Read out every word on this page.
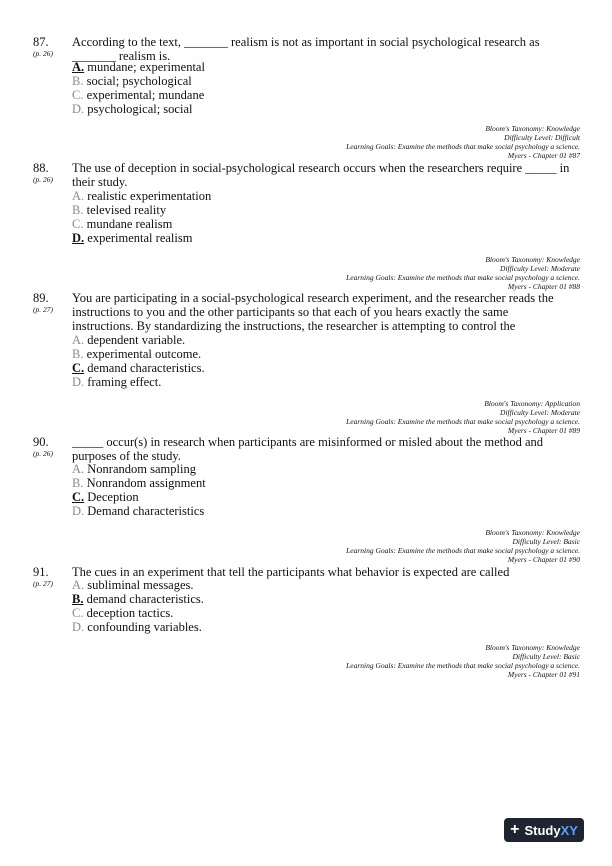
87.
(p. 26)
According to the text, _______ realism is not as important in social psychological research as _______ realism is.
A. mundane; experimental
B. social; psychological
C. experimental; mundane
D. psychological; social
Bloom's Taxonomy: Knowledge
Difficulty Level: Difficult
Learning Goals: Examine the methods that make social psychology a science.
Myers - Chapter 01 #87
88.
(p. 26)
The use of deception in social-psychological research occurs when the researchers require _____ in their study.
A. realistic experimentation
B. televised reality
C. mundane realism
D. experimental realism
Bloom's Taxonomy: Knowledge
Difficulty Level: Moderate
Learning Goals: Examine the methods that make social psychology a science.
Myers - Chapter 01 #88
89.
(p. 27)
You are participating in a social-psychological research experiment, and the researcher reads the instructions to you and the other participants so that each of you hears exactly the same instructions. By standardizing the instructions, the researcher is attempting to control the
A. dependent variable.
B. experimental outcome.
C. demand characteristics.
D. framing effect.
Bloom's Taxonomy: Application
Difficulty Level: Moderate
Learning Goals: Examine the methods that make social psychology a science.
Myers - Chapter 01 #89
90.
(p. 26)
_____ occur(s) in research when participants are misinformed or misled about the method and purposes of the study.
A. Nonrandom sampling
B. Nonrandom assignment
C. Deception
D. Demand characteristics
Bloom's Taxonomy: Knowledge
Difficulty Level: Basic
Learning Goals: Examine the methods that make social psychology a science.
Myers - Chapter 01 #90
91.
(p. 27)
The cues in an experiment that tell the participants what behavior is expected are called
A. subliminal messages.
B. demand characteristics.
C. deception tactics.
D. confounding variables.
Bloom's Taxonomy: Knowledge
Difficulty Level: Basic
Learning Goals: Examine the methods that make social psychology a science.
Myers - Chapter 01 #91
+ Study XY
